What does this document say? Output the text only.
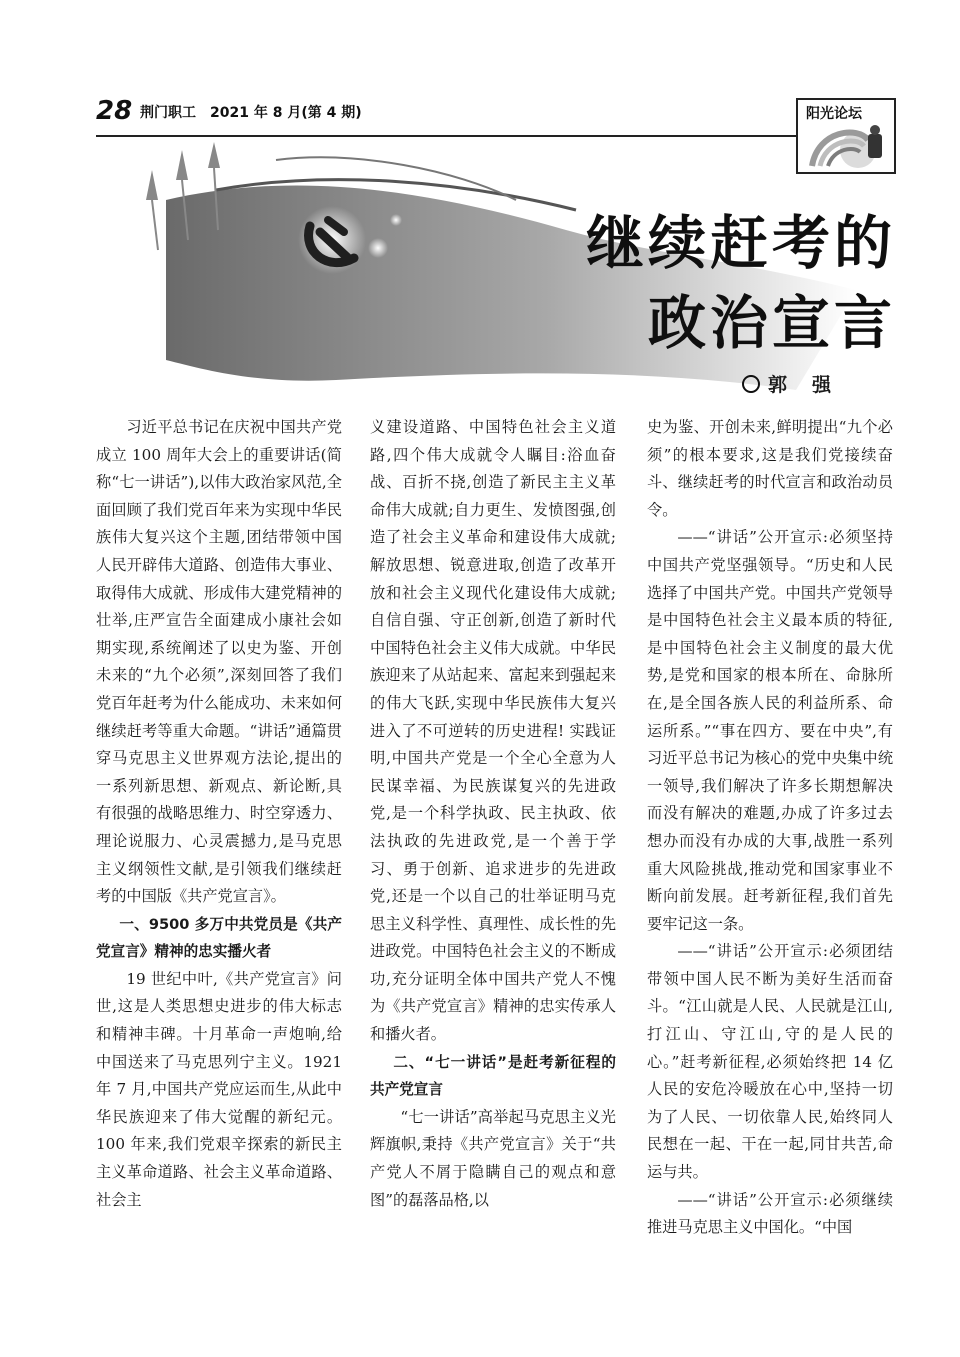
28 荆门职工　2021 年 8 月(第 4 期)	阳光论坛
继续赶考的
政治宣言
郭　强

习近平总书记在庆祝中国共产党成立 100 周年大会上的重要讲话(简称“七一讲话”),以伟大政治家风范,全面回顾了我们党百年来为实现中华民族伟大复兴这个主题,团结带领中国人民开辟伟大道路、创造伟大事业、取得伟大成就、形成伟大建党精神的壮举,庄严宣告全面建成小康社会如期实现,系统阐述了以史为鉴、开创未来的“九个必须”,深刻回答了我们党百年赶考为什么能成功、未来如何继续赶考等重大命题。“讲话”通篇贯穿马克思主义世界观方法论,提出的一系列新思想、新观点、新论断,具有很强的战略思维力、时空穿透力、理论说服力、心灵震撼力,是马克思主义纲领性文献,是引领我们继续赶考的中国版《共产党宣言》。

一、9500 多万中共党员是《共产党宣言》精神的忠实播火者

19 世纪中叶,《共产党宣言》问世,这是人类思想史进步的伟大标志和精神丰碑。十月革命一声炮响,给中国送来了马克思列宁主义。1921 年 7 月,中国共产党应运而生,从此中华民族迎来了伟大觉醒的新纪元。100 年来,我们党艰辛探索的新民主主义革命道路、社会主义革命道路、社会主

义建设道路、中国特色社会主义道路,四个伟大成就令人瞩目:浴血奋战、百折不挠,创造了新民主主义革命伟大成就;自力更生、发愤图强,创造了社会主义革命和建设伟大成就;解放思想、锐意进取,创造了改革开放和社会主义现代化建设伟大成就;自信自强、守正创新,创造了新时代中国特色社会主义伟大成就。中华民族迎来了从站起来、富起来到强起来的伟大飞跃,实现中华民族伟大复兴进入了不可逆转的历史进程! 实践证明,中国共产党是一个全心全意为人民谋幸福、为民族谋复兴的先进政党,是一个科学执政、民主执政、依法执政的先进政党,是一个善于学习、勇于创新、追求进步的先进政党,还是一个以自己的壮举证明马克思主义科学性、真理性、成长性的先进政党。中国特色社会主义的不断成功,充分证明全体中国共产党人不愧为《共产党宣言》精神的忠实传承人和播火者。

二、“七一讲话”是赶考新征程的共产党宣言

“七一讲话”高举起马克思主义光辉旗帜,秉持《共产党宣言》关于“共产党人不屑于隐瞒自己的观点和意图”的磊落品格,以

史为鉴、开创未来,鲜明提出“九个必须”的根本要求,这是我们党接续奋斗、继续赶考的时代宣言和政治动员令。

——“讲话”公开宣示:必须坚持中国共产党坚强领导。“历史和人民选择了中国共产党。中国共产党领导是中国特色社会主义最本质的特征,是中国特色社会主义制度的最大优势,是党和国家的根本所在、命脉所在,是全国各族人民的利益所系、命运所系。”“事在四方、要在中央”,有习近平总书记为核心的党中央集中统一领导,我们解决了许多长期想解决而没有解决的难题,办成了许多过去想办而没有办成的大事,战胜一系列重大风险挑战,推动党和国家事业不断向前发展。赶考新征程,我们首先要牢记这一条。

——“讲话”公开宣示:必须团结带领中国人民不断为美好生活而奋斗。“江山就是人民、人民就是江山,打江山、守江山,守的是人民的心。”赶考新征程,必须始终把 14 亿人民的安危冷暖放在心中,坚持一切为了人民、一切依靠人民,始终同人民想在一起、干在一起,同甘共苦,命运与共。

——“讲话”公开宣示:必须继续推进马克思主义中国化。“中国
